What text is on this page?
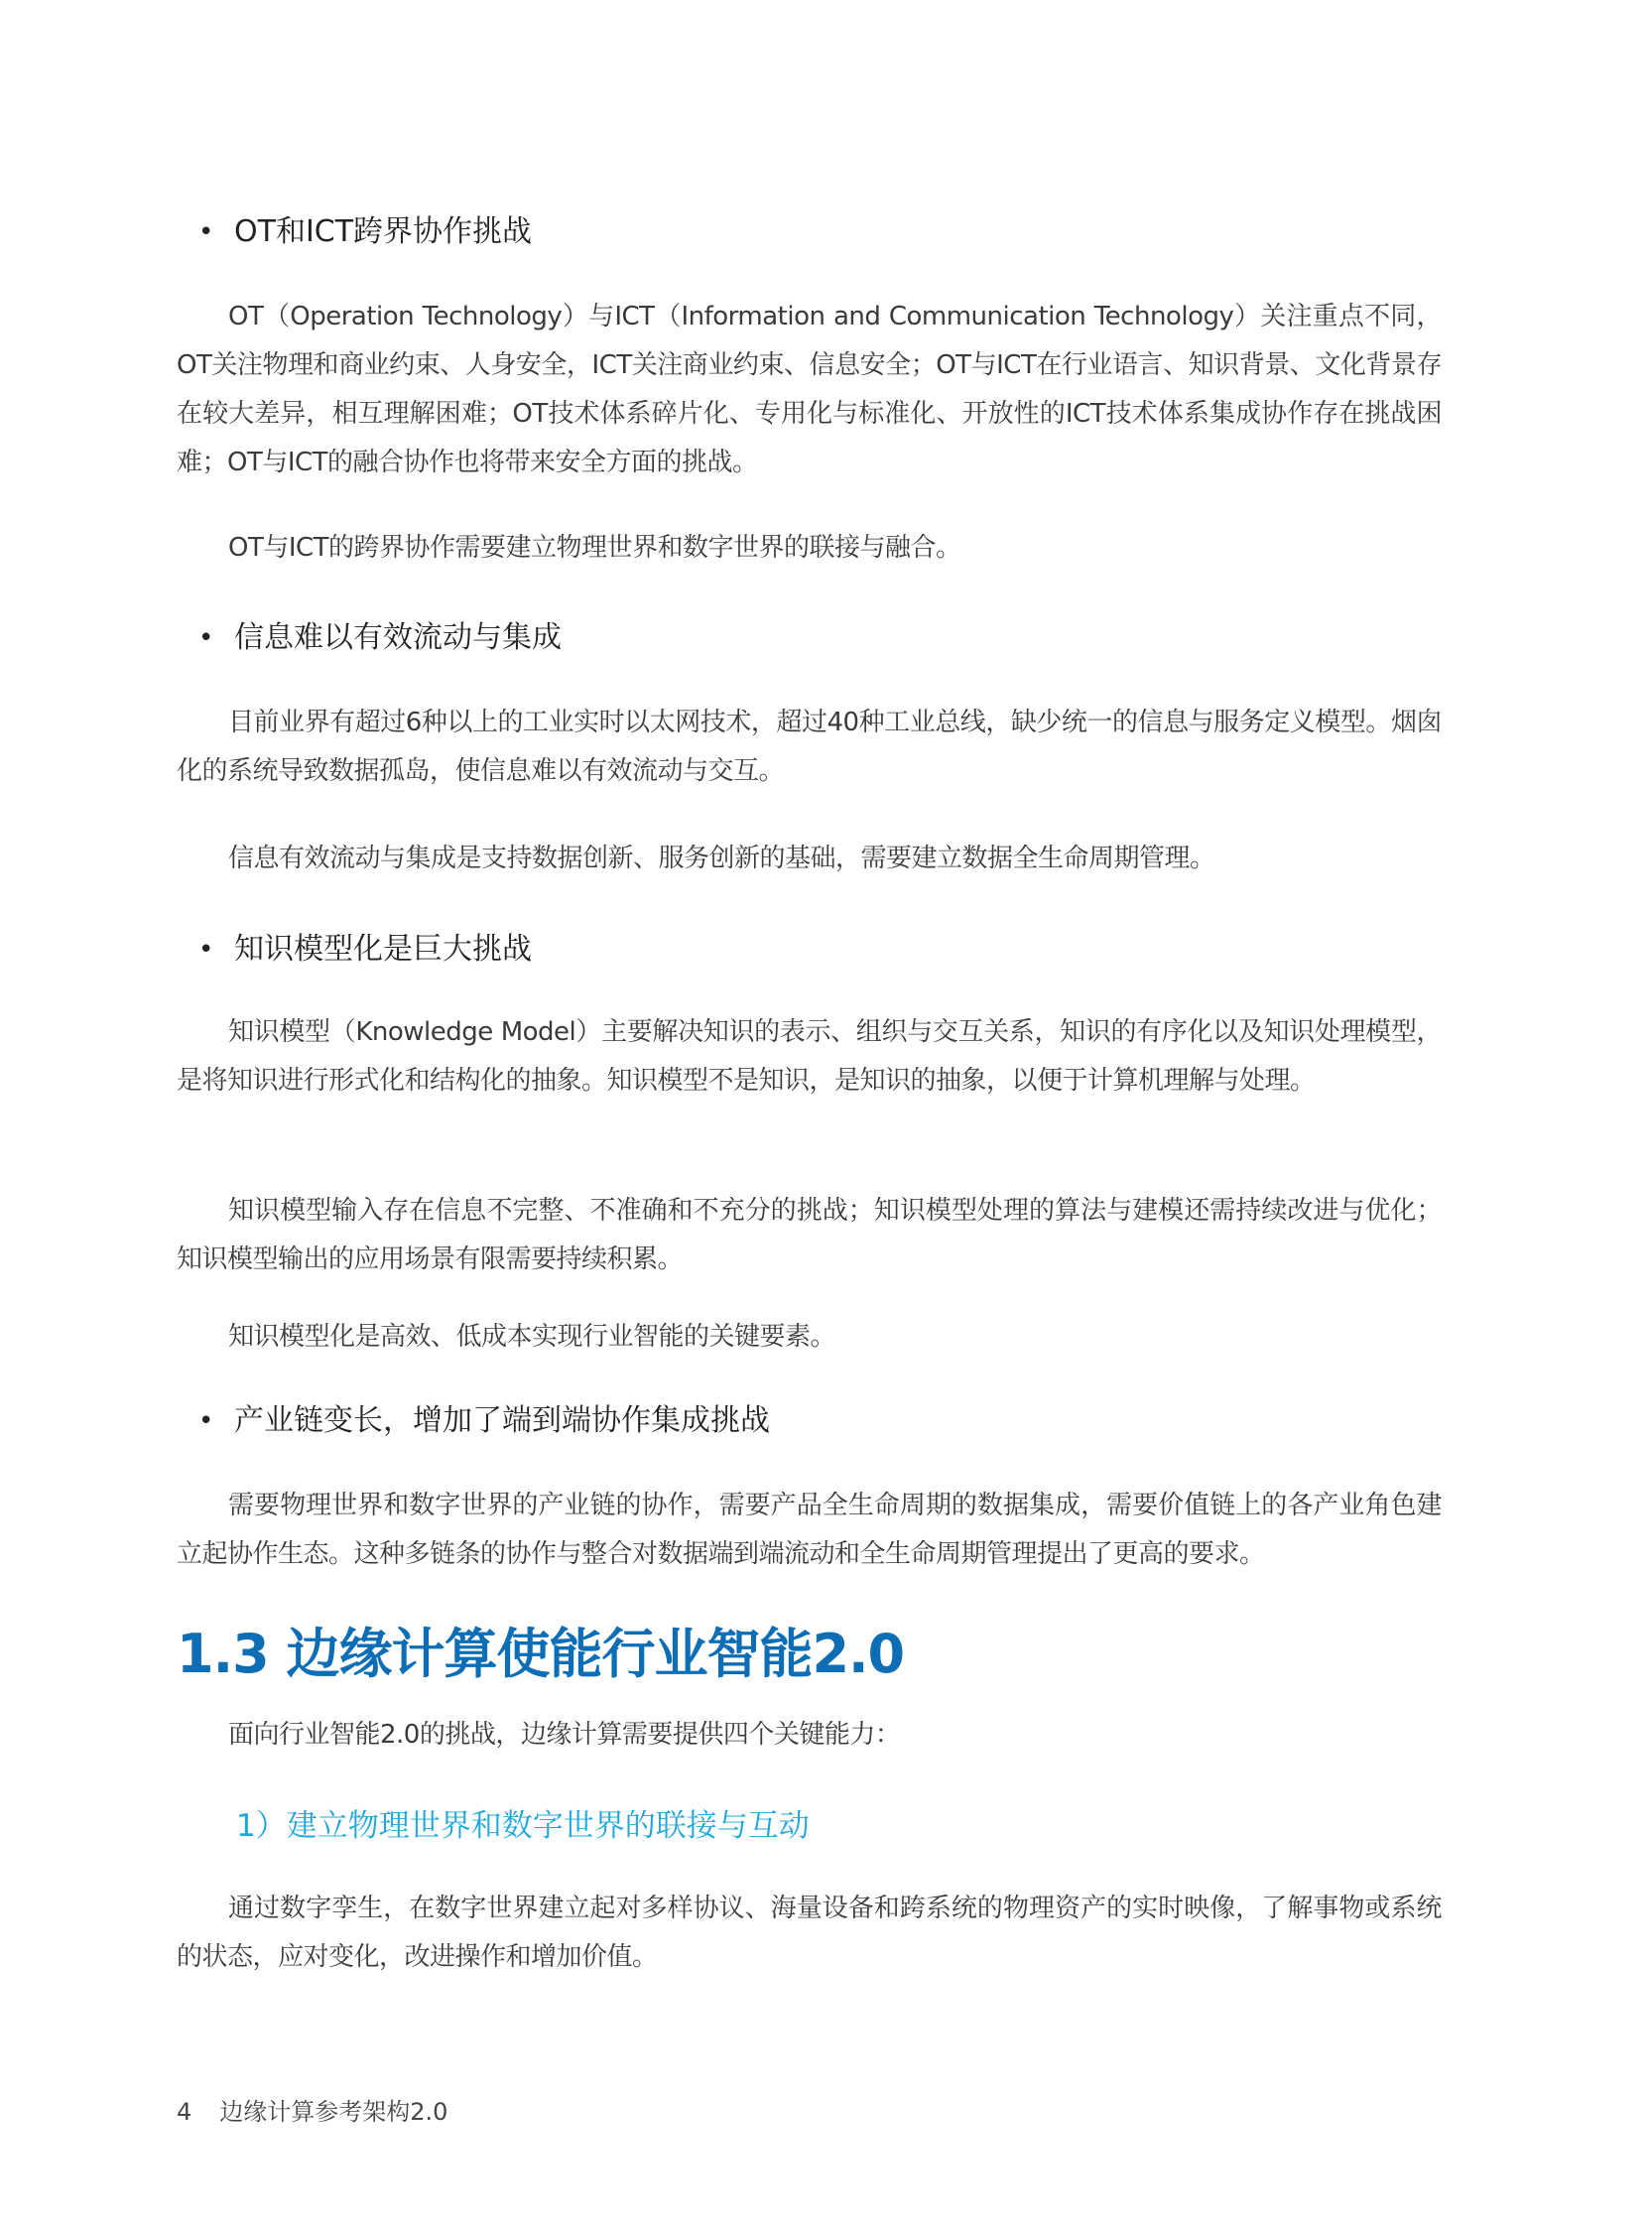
• OT和ICT跨界协作挑战
OT（Operation Technology）与ICT（Information and Communication Technology）关注重点不同，OT关注物理和商业约束、人身安全，ICT关注商业约束、信息安全；OT与ICT在行业语言、知识背景、文化背景存在较大差异，相互理解困难；OT技术体系碎片化、专用化与标准化、开放性的ICT技术体系集成协作存在挑战困难；OT与ICT的融合协作也将带来安全方面的挑战。
OT与ICT的跨界协作需要建立物理世界和数字世界的联接与融合。
• 信息难以有效流动与集成
目前业界有超过6种以上的工业实时以太网技术，超过40种工业总线，缺少统一的信息与服务定义模型。烟囱化的系统导致数据孤岛，使信息难以有效流动与交互。
信息有效流动与集成是支持数据创新、服务创新的基础，需要建立数据全生命周期管理。
• 知识模型化是巨大挑战
知识模型（Knowledge Model）主要解决知识的表示、组织与交互关系，知识的有序化以及知识处理模型，是将知识进行形式化和结构化的抽象。知识模型不是知识，是知识的抽象，以便于计算机理解与处理。
知识模型输入存在信息不完整、不准确和不充分的挑战；知识模型处理的算法与建模还需持续改进与优化；知识模型输出的应用场景有限需要持续积累。
知识模型化是高效、低成本实现行业智能的关键要素。
• 产业链变长，增加了端到端协作集成挑战
需要物理世界和数字世界的产业链的协作，需要产品全生命周期的数据集成，需要价值链上的各产业角色建立起协作生态。这种多链条的协作与整合对数据端到端流动和全生命周期管理提出了更高的要求。
1.3 边缘计算使能行业智能2.0
面向行业智能2.0的挑战，边缘计算需要提供四个关键能力：
1）建立物理世界和数字世界的联接与互动
通过数字孪生，在数字世界建立起对多样协议、海量设备和跨系统的物理资产的实时映像，了解事物或系统的状态，应对变化，改进操作和增加价值。
4 边缘计算参考架构2.0
